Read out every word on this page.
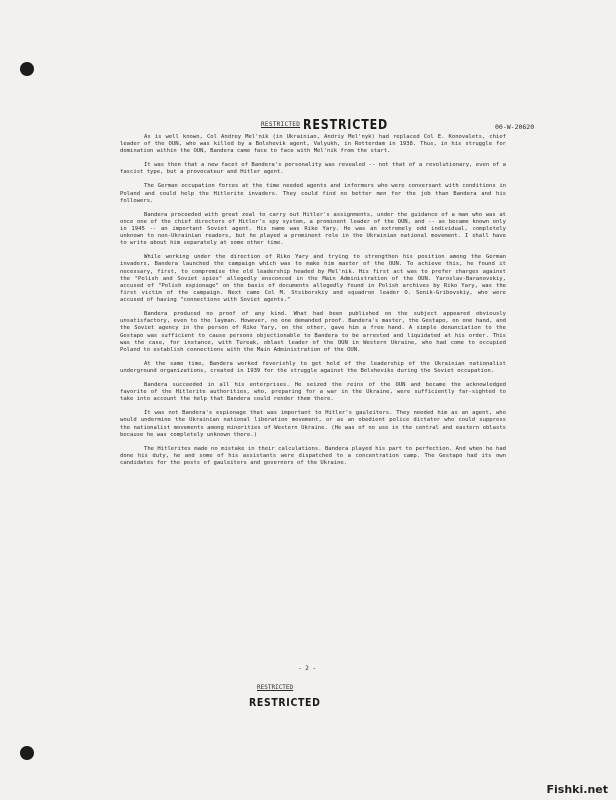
RESTRICTED RESTRICTED	00-W-20620

As is well known, Col Andrey Mel'nik (in Ukrainian, Andriy Mel'nyk) had replaced Col E. Konovalets, chief leader of the OUN, who was killed by a Bolshevik agent, Valyukh, in Rotterdam in 1938. Thus, in his struggle for domination within the OUN, Bandera came face to face with Mel'nik from the start.

It was then that a new facet of Bandera's personality was revealed -- not that of a revolutionary, even of a fascist type, but a provocateur and Hitler agent.

The German occupation forces at the time needed agents and informers who were conversant with conditions in Poland and could help the Hitlerite invaders. They could find no better men for the job than Bandera and his followers.

Bandera proceeded with great zeal to carry out Hitler's assignments, under the guidance of a man who was at once one of the chief directors of Hitler's spy system, a prominent leader of the OUN, and -- as became known only in 1945 -- an important Soviet agent. His name was Riko Yary. He was an extremely odd individual, completely unknown to non-Ukrainian readers, but he played a prominent role in the Ukrainian national movement. I shall have to write about him separately at some other time.

While working under the direction of Riko Yary and trying to strengthen his position among the German invaders, Bandera launched the campaign which was to make him master of the OUN. To achieve this, he found it necessary, first, to compromise the old leadership headed by Mel'nik. His first act was to prefer charges against the "Polish and Soviet spies" allegedly ensconced in the Main Administration of the OUN. Yaroslav-Baranovskiy, accused of "Polish espionage" on the basis of documents allegedly found in Polish archives by Riko Yary, was the first victim of the campaign. Next came Col M. Stsiborskiy and squadron leader O. Senik-Gribovskiy, who were accused of having "connections with Soviet agents."

Bandera produced no proof of any kind. What had been published on the subject appeared obviously unsatisfactory, even to the layman. However, no one demanded proof. Bandera's master, the Gestapo, on one hand, and the Soviet agency in the person of Riko Yary, on the other, gave him a free hand. A simple denunciation to the Gestapo was sufficient to cause persons objectionable to Bandera to be arrested and liquidated at his order. This was the case, for instance, with Tureak, oblast leader of the OUN in Western Ukraine, who had come to occupied Poland to establish connections with the Main Administration of the OUN.

At the same time, Bandera worked feverishly to get hold of the leadership of the Ukrainian nationalist underground organizations, created in 1939 for the struggle against the Bolsheviks during the Soviet occupation.

Bandera succeeded in all his enterprises. He seized the reins of the OUN and became the acknowledged favorite of the Hitlerite authorities, who, preparing for a war in the Ukraine, were sufficiently far-sighted to take into account the help that Bandera could render them there.

It was not Bandera's espionage that was important to Hitler's gauleiters. They needed him as an agent, who would undermine the Ukrainian national liberation movement, or as an obedient police dictator who could suppress the nationalist movements among minorities of Western Ukraine. (He was of no use in the central and eastern oblasts because he was completely unknown there.)

The Hitlerites made no mistake in their calculations. Bandera played his part to perfection. And when he had done his duty, he and some of his assistants were dispatched to a concentration camp. The Gestapo had its own candidates for the posts of gauleiters and governors of the Ukraine.

- 2 -
RESTRICTED
RESTRICTED
Fishki.net
